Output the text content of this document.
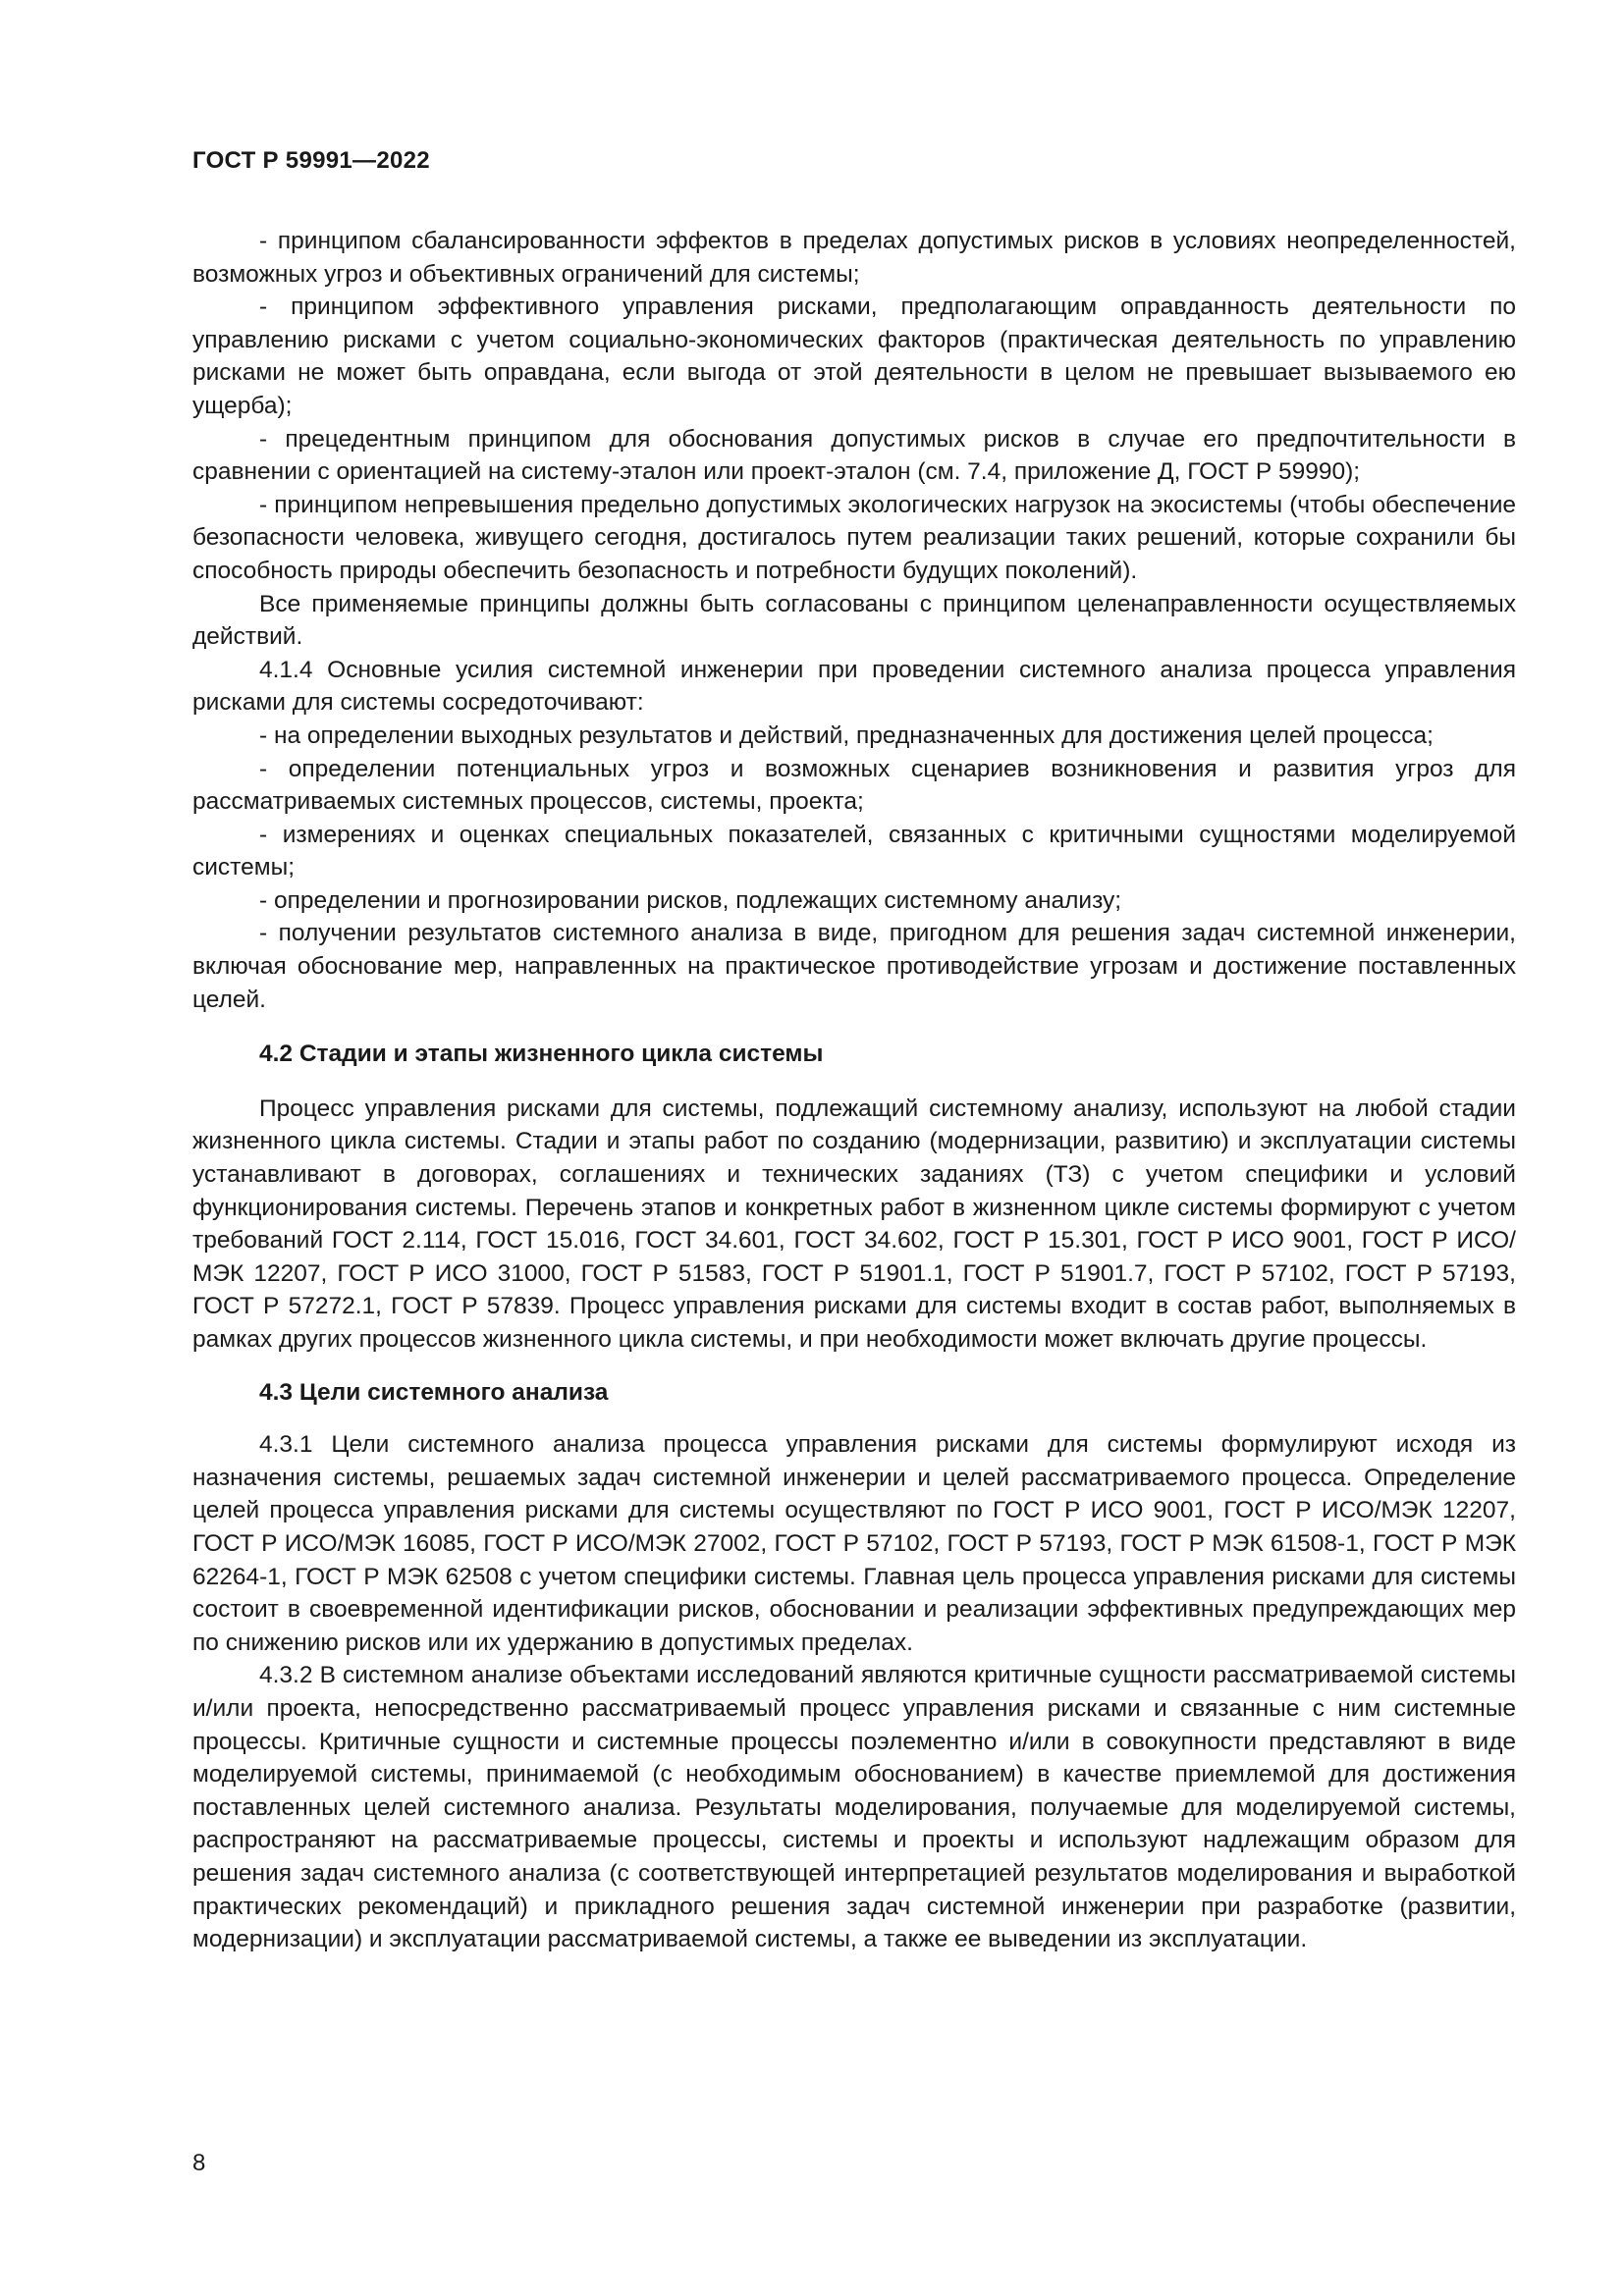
ГОСТ Р 59991—2022

- принципом сбалансированности эффектов в пределах допустимых рисков в условиях неопределенностей, возможных угроз и объективных ограничений для системы;

- принципом эффективного управления рисками, предполагающим оправданность деятельности по управлению рисками с учетом социально-экономических факторов (практическая деятельность по управлению рисками не может быть оправдана, если выгода от этой деятельности в целом не превышает вызываемого ею ущерба);

- прецедентным принципом для обоснования допустимых рисков в случае его предпочтительности в сравнении с ориентацией на систему-эталон или проект-эталон (см. 7.4, приложение Д, ГОСТ Р 59990);

- принципом непревышения предельно допустимых экологических нагрузок на экосистемы (чтобы обеспечение безопасности человека, живущего сегодня, достигалось путем реализации таких решений, которые сохранили бы способность природы обеспечить безопасность и потребности будущих поколений).

Все применяемые принципы должны быть согласованы с принципом целенаправленности осуществляемых действий.

4.1.4 Основные усилия системной инженерии при проведении системного анализа процесса управления рисками для системы сосредоточивают:

- на определении выходных результатов и действий, предназначенных для достижения целей процесса;

- определении потенциальных угроз и возможных сценариев возникновения и развития угроз для рассматриваемых системных процессов, системы, проекта;

- измерениях и оценках специальных показателей, связанных с критичными сущностями моделируемой системы;

- определении и прогнозировании рисков, подлежащих системному анализу;

- получении результатов системного анализа в виде, пригодном для решения задач системной инженерии, включая обоснование мер, направленных на практическое противодействие угрозам и достижение поставленных целей.

4.2 Стадии и этапы жизненного цикла системы

Процесс управления рисками для системы, подлежащий системному анализу, используют на любой стадии жизненного цикла системы. Стадии и этапы работ по созданию (модернизации, развитию) и эксплуатации системы устанавливают в договорах, соглашениях и технических заданиях (ТЗ) с учетом специфики и условий функционирования системы. Перечень этапов и конкретных работ в жизненном цикле системы формируют с учетом требований ГОСТ 2.114, ГОСТ 15.016, ГОСТ 34.601, ГОСТ 34.602, ГОСТ Р 15.301, ГОСТ Р ИСО 9001, ГОСТ Р ИСО/МЭК 12207, ГОСТ Р ИСО 31000, ГОСТ Р 51583, ГОСТ Р 51901.1, ГОСТ Р 51901.7, ГОСТ Р 57102, ГОСТ Р 57193, ГОСТ Р 57272.1, ГОСТ Р 57839. Процесс управления рисками для системы входит в состав работ, выполняемых в рамках других процессов жизненного цикла системы, и при необходимости может включать другие процессы.

4.3 Цели системного анализа

4.3.1 Цели системного анализа процесса управления рисками для системы формулируют исходя из назначения системы, решаемых задач системной инженерии и целей рассматриваемого процесса. Определение целей процесса управления рисками для системы осуществляют по ГОСТ Р ИСО 9001, ГОСТ Р ИСО/МЭК 12207, ГОСТ Р ИСО/МЭК 16085, ГОСТ Р ИСО/МЭК 27002, ГОСТ Р 57102, ГОСТ Р 57193, ГОСТ Р МЭК 61508-1, ГОСТ Р МЭК 62264-1, ГОСТ Р МЭК 62508 с учетом специфики системы. Главная цель процесса управления рисками для системы состоит в своевременной идентификации рисков, обосновании и реализации эффективных предупреждающих мер по снижению рисков или их удержанию в допустимых пределах.

4.3.2 В системном анализе объектами исследований являются критичные сущности рассматриваемой системы и/или проекта, непосредственно рассматриваемый процесс управления рисками и связанные с ним системные процессы. Критичные сущности и системные процессы поэлементно и/или в совокупности представляют в виде моделируемой системы, принимаемой (с необходимым обоснованием) в качестве приемлемой для достижения поставленных целей системного анализа. Результаты моделирования, получаемые для моделируемой системы, распространяют на рассматриваемые процессы, системы и проекты и используют надлежащим образом для решения задач системного анализа (с соответствующей интерпретацией результатов моделирования и выработкой практических рекомендаций) и прикладного решения задач системной инженерии при разработке (развитии, модернизации) и эксплуатации рассматриваемой системы, а также ее выведении из эксплуатации.

8
